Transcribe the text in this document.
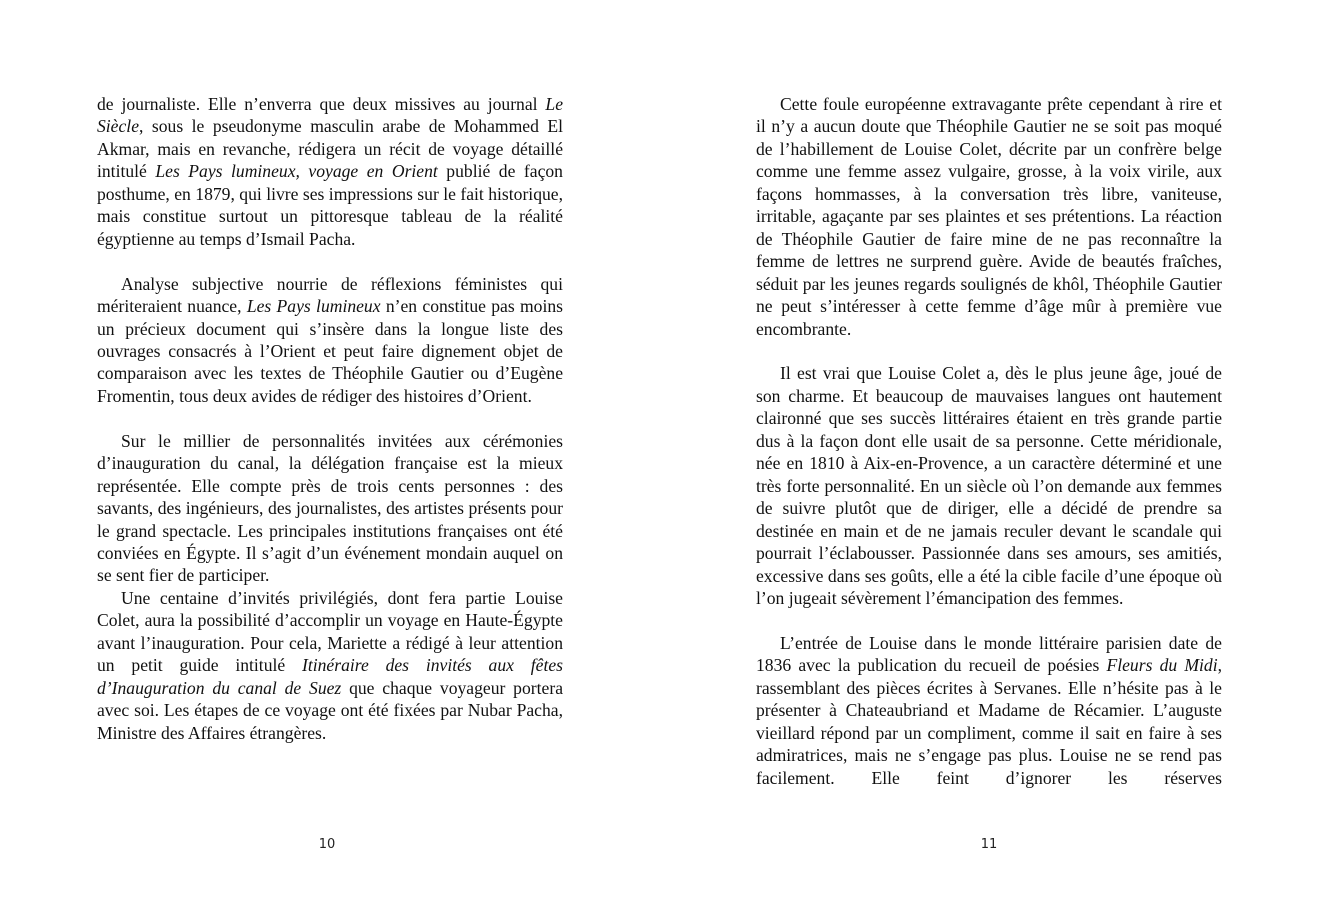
de journaliste. Elle n’enverra que deux missives au journal Le Siècle, sous le pseudonyme masculin arabe de Mohammed El Akmar, mais en revanche, rédigera un récit de voyage détaillé intitulé Les Pays lumineux, voyage en Orient publié de façon posthume, en 1879, qui livre ses impressions sur le fait historique, mais constitue surtout un pittoresque tableau de la réalité égyptienne au temps d’Ismail Pacha.

Analyse subjective nourrie de réflexions féministes qui mériteraient nuance, Les Pays lumineux n’en constitue pas moins un précieux document qui s’insère dans la longue liste des ouvrages consacrés à l’Orient et peut faire dignement objet de comparaison avec les textes de Théophile Gautier ou d’Eugène Fromentin, tous deux avides de rédiger des histoires d’Orient.

Sur le millier de personnalités invitées aux cérémonies d’inauguration du canal, la délégation française est la mieux représentée. Elle compte près de trois cents personnes : des savants, des ingénieurs, des journalistes, des artistes présents pour le grand spectacle. Les principales institutions françaises ont été conviées en Égypte. Il s’agit d’un événement mondain auquel on se sent fier de participer.

Une centaine d’invités privilégiés, dont fera partie Louise Colet, aura la possibilité d’accomplir un voyage en Haute-Égypte avant l’inauguration. Pour cela, Mariette a rédigé à leur attention un petit guide intitulé Itinéraire des invités aux fêtes d’Inauguration du canal de Suez que chaque voyageur portera avec soi. Les étapes de ce voyage ont été fixées par Nubar Pacha, Ministre des Affaires étrangères.

10

Cette foule européenne extravagante prête cependant à rire et il n’y a aucun doute que Théophile Gautier ne se soit pas moqué de l’habillement de Louise Colet, décrite par un confrère belge comme une femme assez vulgaire, grosse, à la voix virile, aux façons hommasses, à la conversation très libre, vaniteuse, irritable, agaçante par ses plaintes et ses prétentions. La réaction de Théophile Gautier de faire mine de ne pas reconnaître la femme de lettres ne surprend guère. Avide de beautés fraîches, séduit par les jeunes regards soulignés de khôl, Théophile Gautier ne peut s’intéresser à cette femme d’âge mûr à première vue encombrante.

Il est vrai que Louise Colet a, dès le plus jeune âge, joué de son charme. Et beaucoup de mauvaises langues ont hautement claironné que ses succès littéraires étaient en très grande partie dus à la façon dont elle usait de sa personne. Cette méridionale, née en 1810 à Aix-en-Provence, a un caractère déterminé et une très forte personnalité. En un siècle où l’on demande aux femmes de suivre plutôt que de diriger, elle a décidé de prendre sa destinée en main et de ne jamais reculer devant le scandale qui pourrait l’éclabousser. Passionnée dans ses amours, ses amitiés, excessive dans ses goûts, elle a été la cible facile d’une époque où l’on jugeait sévèrement l’émancipation des femmes.

L’entrée de Louise dans le monde littéraire parisien date de 1836 avec la publication du recueil de poésies Fleurs du Midi, rassemblant des pièces écrites à Servanes. Elle n’hésite pas à le présenter à Chateaubriand et Madame de Récamier. L’auguste vieillard répond par un compliment, comme il sait en faire à ses admiratrices, mais ne s’engage pas plus. Louise ne se rend pas facilement. Elle feint d’ignorer les réserves

11
